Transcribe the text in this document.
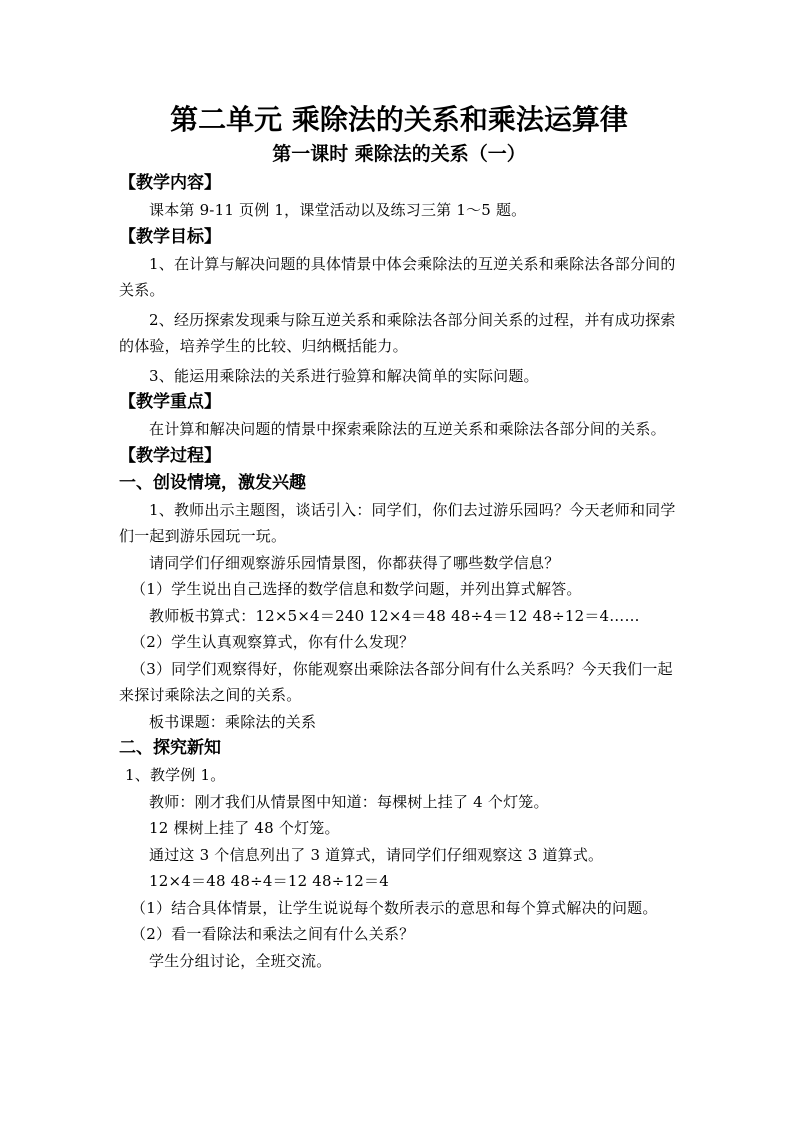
第二单元 乘除法的关系和乘法运算律
第一课时 乘除法的关系（一）
【教学内容】

课本第 9-11 页例 1，课堂活动以及练习三第 1～5 题。

【教学目标】

1、在计算与解决问题的具体情景中体会乘除法的互逆关系和乘除法各部分间的关系。

2、经历探索发现乘与除互逆关系和乘除法各部分间关系的过程，并有成功探索的体验，培养学生的比较、归纳概括能力。

3、能运用乘除法的关系进行验算和解决简单的实际问题。

【教学重点】

在计算和解决问题的情景中探索乘除法的互逆关系和乘除法各部分间的关系。

【教学过程】
一、创设情境，激发兴趣

1、教师出示主题图，谈话引入：同学们，你们去过游乐园吗？今天老师和同学们一起到游乐园玩一玩。

请同学们仔细观察游乐园情景图，你都获得了哪些数学信息？

（1）学生说出自己选择的数学信息和数学问题，并列出算式解答。

教师板书算式：12×5×4＝240 12×4＝48 48÷4＝12 48÷12＝4……

（2）学生认真观察算式，你有什么发现？

（3）同学们观察得好，你能观察出乘除法各部分间有什么关系吗？今天我们一起来探讨乘除法之间的关系。

板书课题：乘除法的关系

二、探究新知

1、教学例 1。

教师：刚才我们从情景图中知道：每棵树上挂了 4 个灯笼。

12 棵树上挂了 48 个灯笼。

通过这 3 个信息列出了 3 道算式，请同学们仔细观察这 3 道算式。

12×4＝48 48÷4＝12 48÷12＝4

（1）结合具体情景，让学生说说每个数所表示的意思和每个算式解决的问题。

（2）看一看除法和乘法之间有什么关系？

学生分组讨论，全班交流。
